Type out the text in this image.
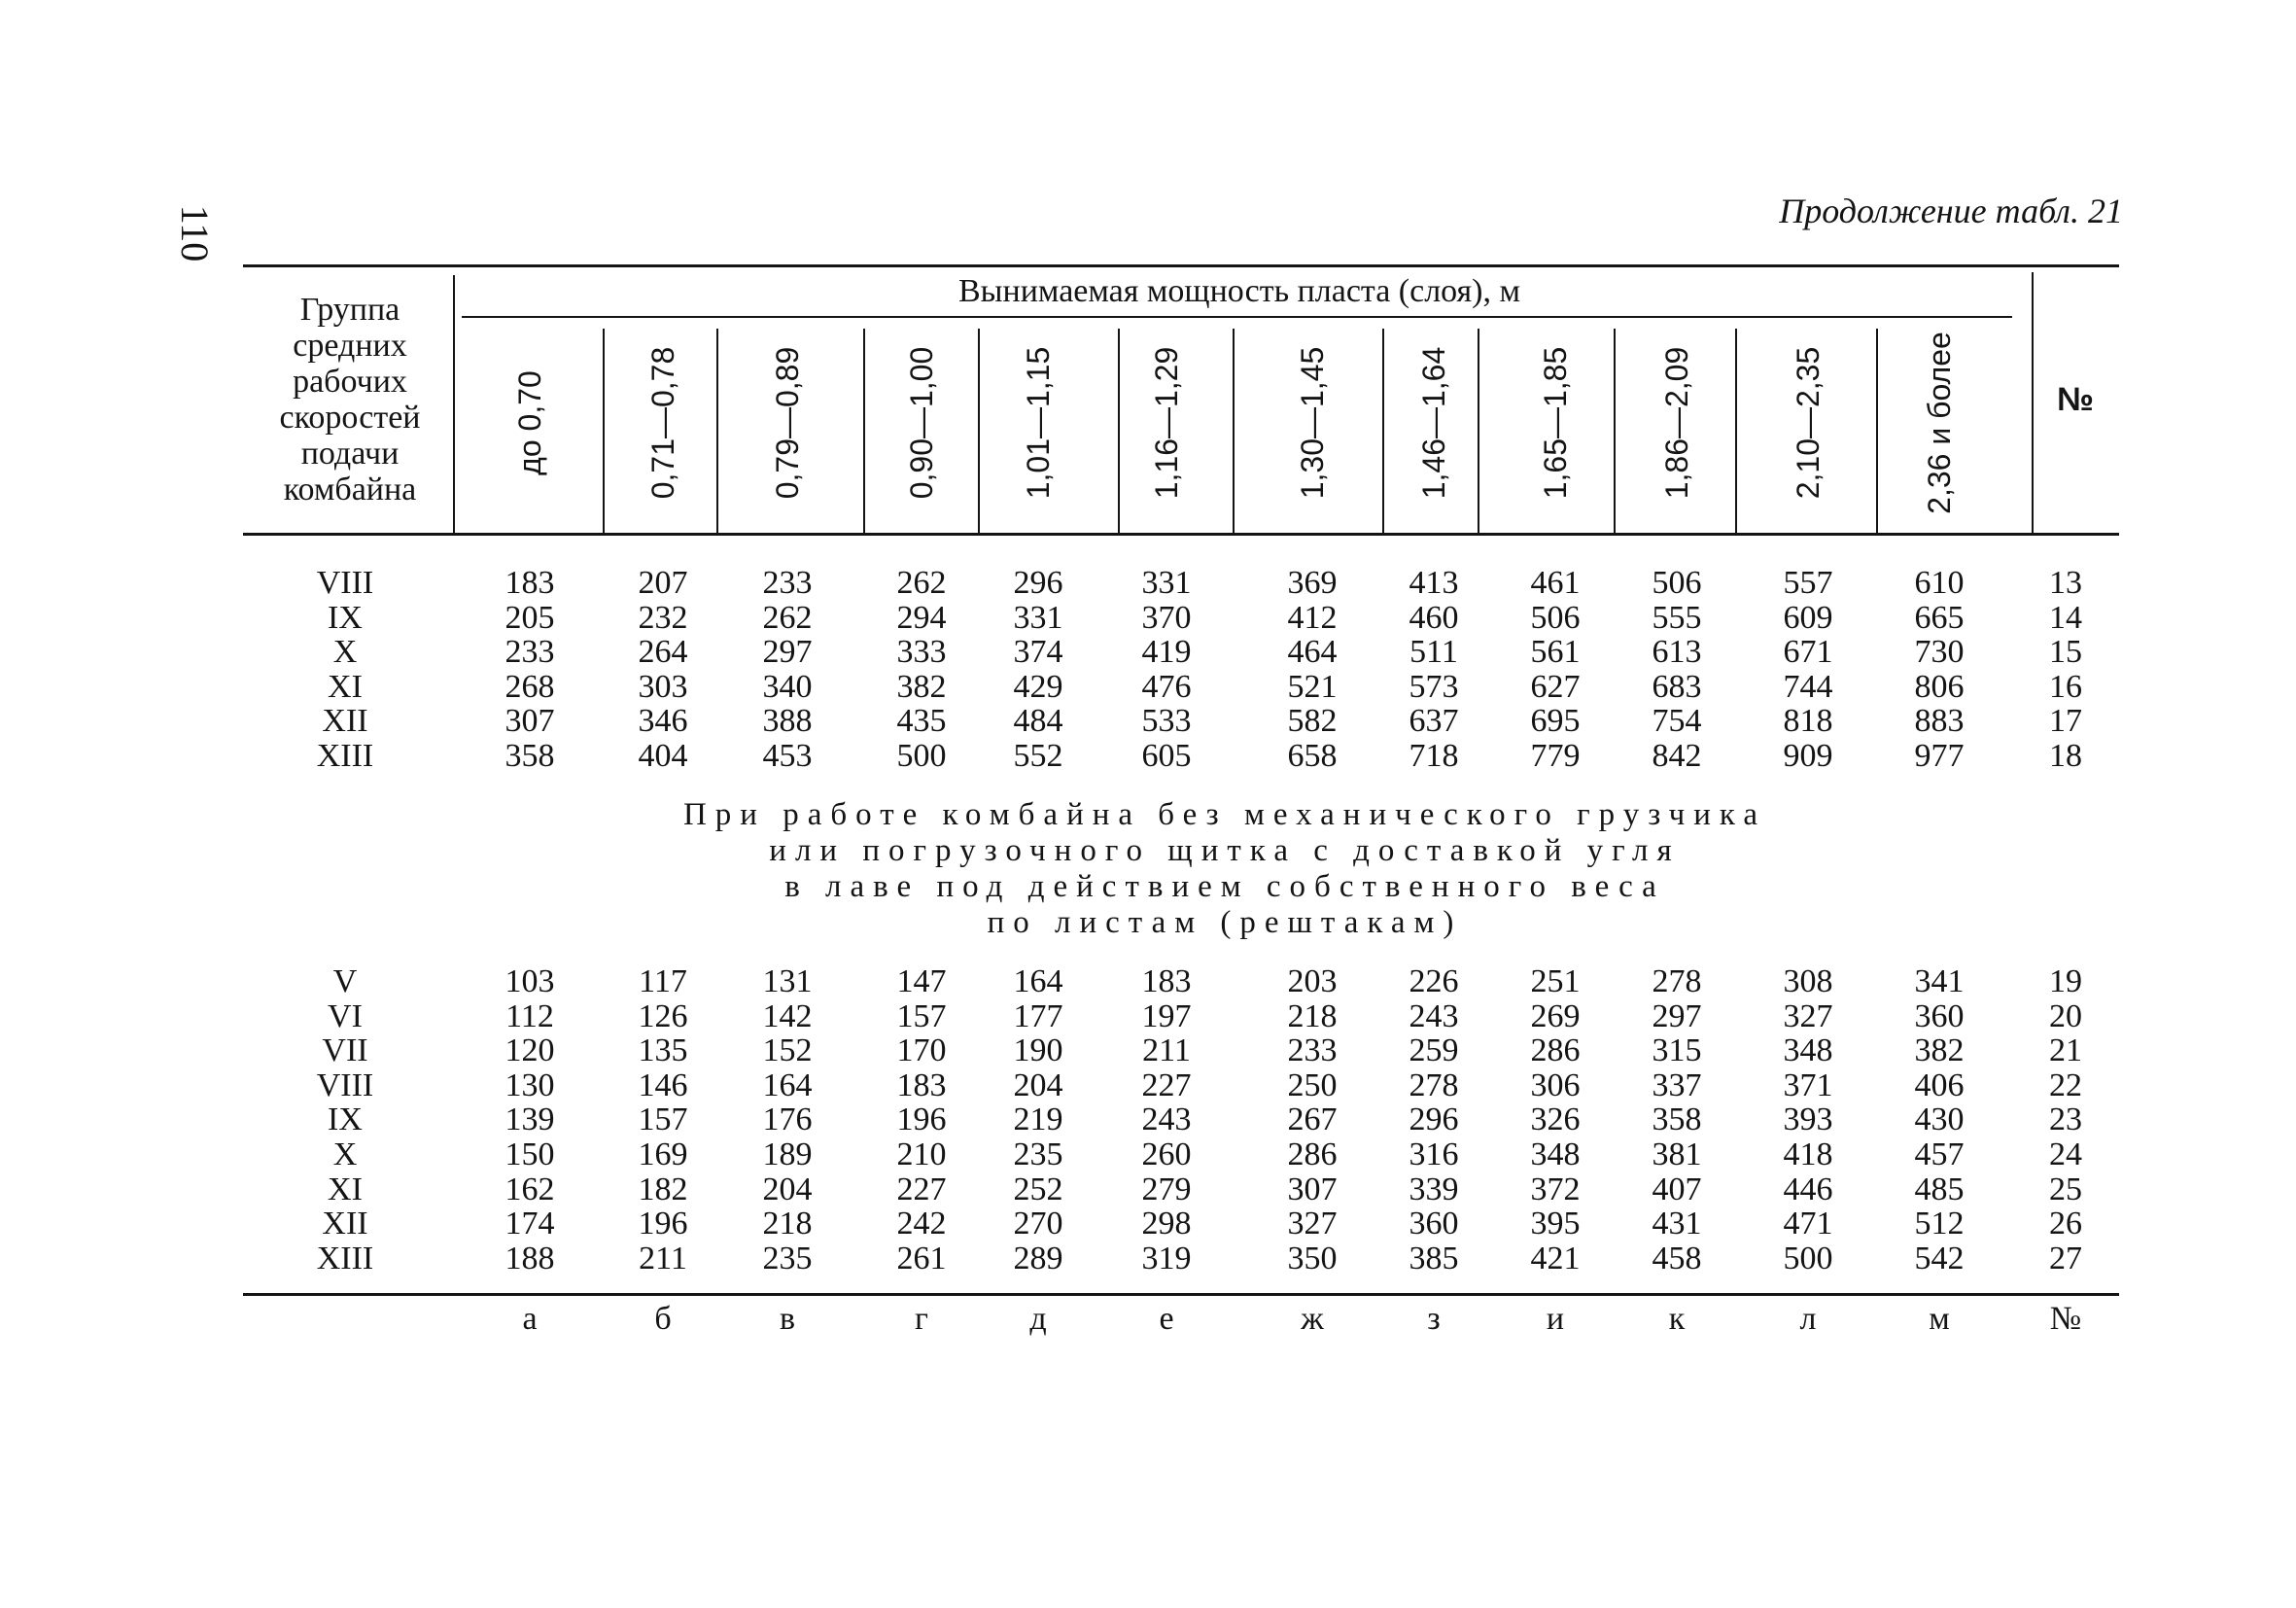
110	Продолжение табл. 21
Группа
средних
рабочих
скоростей
подачи
комбайна
Вынимаемая мощность пласта (слоя), м
до 0,70	0,71—0,78	0,79—0,89	0,90—1,00	1,01—1,15	1,16—1,29	1,30—1,45	1,46—1,64	1,65—1,85	1,86—2,09	2,10—2,35	2,36 и более	№
VIII	183	207	233	262	296	331	369	413	461	506	557	610	13
IX	205	232	262	294	331	370	412	460	506	555	609	665	14
X	233	264	297	333	374	419	464	511	561	613	671	730	15
XI	268	303	340	382	429	476	521	573	627	683	744	806	16
XII	307	346	388	435	484	533	582	637	695	754	818	883	17
XIII	358	404	453	500	552	605	658	718	779	842	909	977	18
При работе комбайна без механического грузчика
или погрузочного щитка с доставкой угля
в лаве под действием собственного веса
по листам (рештакам)
V	103	117	131	147	164	183	203	226	251	278	308	341	19
VI	112	126	142	157	177	197	218	243	269	297	327	360	20
VII	120	135	152	170	190	211	233	259	286	315	348	382	21
VIII	130	146	164	183	204	227	250	278	306	337	371	406	22
IX	139	157	176	196	219	243	267	296	326	358	393	430	23
X	150	169	189	210	235	260	286	316	348	381	418	457	24
XI	162	182	204	227	252	279	307	339	372	407	446	485	25
XII	174	196	218	242	270	298	327	360	395	431	471	512	26
XIII	188	211	235	261	289	319	350	385	421	458	500	542	27
а	б	в	г	д	е	ж	з	и	к	л	м	№
